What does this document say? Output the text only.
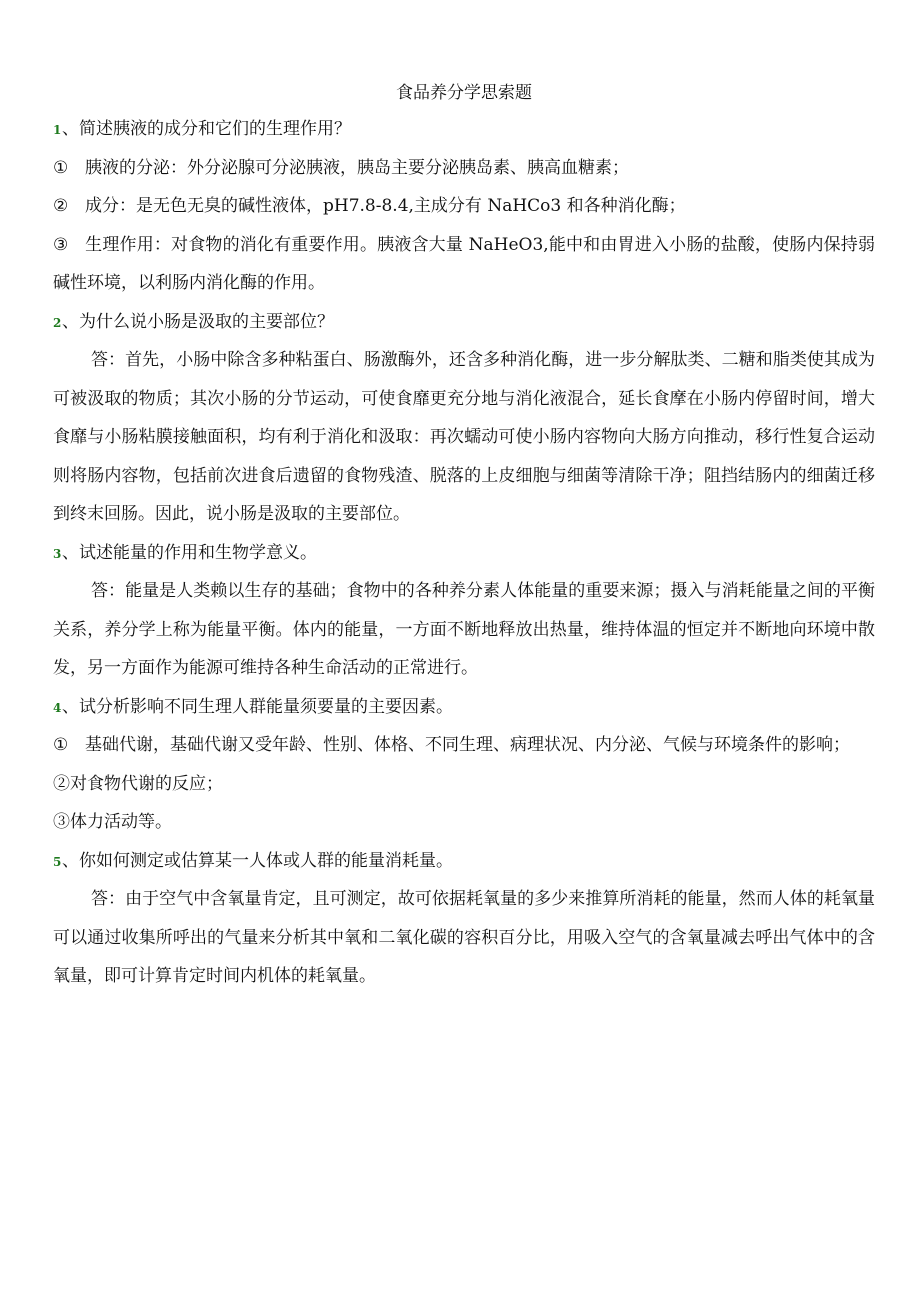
食品养分学思索题
1、简述胰液的成分和它们的生理作用？
① 胰液的分泌：外分泌腺可分泌胰液，胰岛主要分泌胰岛素、胰高血糖素；
② 成分：是无色无臭的碱性液体，pH7.8-8.4,主成分有 NaHCo3 和各种消化酶；
③ 生理作用：对食物的消化有重要作用。胰液含大量 NaHeO3,能中和由胃进入小肠的盐酸，使肠内保持弱碱性环境，以利肠内消化酶的作用。
2、为什么说小肠是汲取的主要部位？
答：首先，小肠中除含多种粘蛋白、肠激酶外，还含多种消化酶，进一步分解肽类、二糖和脂类使其成为可被汲取的物质；其次小肠的分节运动，可使食靡更充分地与消化液混合，延长食摩在小肠内停留时间，增大食靡与小肠粘膜接触面积，均有利于消化和汲取：再次蠕动可使小肠内容物向大肠方向推动，移行性复合运动则将肠内容物，包括前次进食后遗留的食物残渣、脱落的上皮细胞与细菌等清除干净；阻挡结肠内的细菌迁移到终末回肠。因此，说小肠是汲取的主要部位。
3、试述能量的作用和生物学意义。
答：能量是人类赖以生存的基础；食物中的各种养分素人体能量的重要来源；摄入与消耗能量之间的平衡关系，养分学上称为能量平衡。体内的能量，一方面不断地释放出热量，维持体温的恒定并不断地向环境中散发，另一方面作为能源可维持各种生命活动的正常进行。
4、试分析影响不同生理人群能量须要量的主要因素。
① 基础代谢，基础代谢又受年龄、性别、体格、不同生理、病理状况、内分泌、气候与环境条件的影响；
②对食物代谢的反应；
③体力活动等。
5、你如何测定或估算某一人体或人群的能量消耗量。
答：由于空气中含氧量肯定，且可测定，故可依据耗氧量的多少来推算所消耗的能量，然而人体的耗氧量可以通过收集所呼出的气量来分析其中氧和二氧化碳的容积百分比，用吸入空气的含氧量减去呼出气体中的含氧量，即可计算肯定时间内机体的耗氧量。
